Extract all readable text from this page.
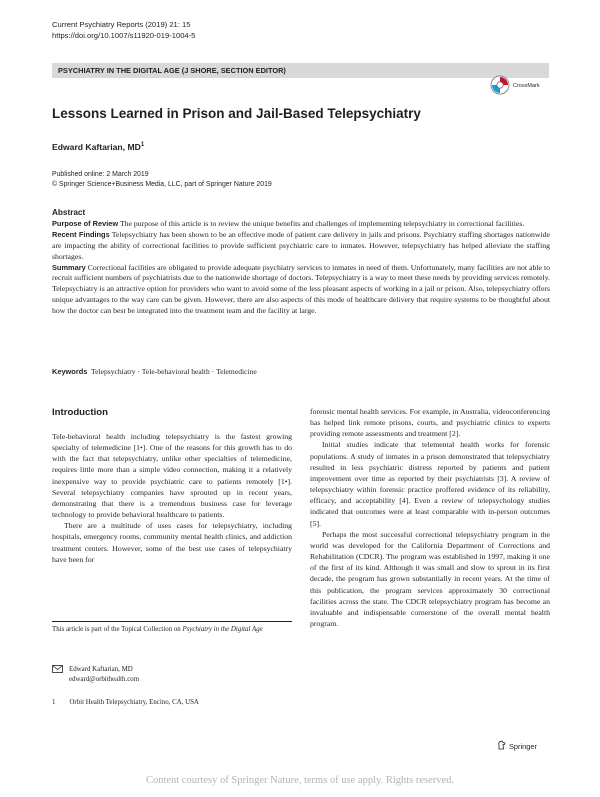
Current Psychiatry Reports (2019) 21: 15
https://doi.org/10.1007/s11920-019-1004-5
PSYCHIATRY IN THE DIGITAL AGE (J SHORE, SECTION EDITOR)
CrossMark
Lessons Learned in Prison and Jail-Based Telepsychiatry
Edward Kaftarian, $MD^1$
Published online: 2 March 2019
© Springer Science+Business Media, LLC, part of Springer Nature 2019
Abstract

Purpose of Review The purpose of this article is to review the unique benefits and challenges of implementing telepsychiatry in correctional facilities.

Recent Findings Telepsychiatry has been shown to be an effective mode of patient care delivery in jails and prisons. Psychiatry staffing shortages nationwide are impacting the ability of correctional facilities to provide sufficient psychiatric care to inmates. However, telepsychiatry has helped alleviate the staffing shortages.

Summary Correctional facilities are obligated to provide adequate psychiatry services to inmates in need of them. Unfortunately, many facilities are not able to recruit sufficient numbers of psychiatrists due to the nationwide shortage of doctors. Telepsychiatry is a way to meet these needs by providing services remotely. Telepsychiatry is an attractive option for providers who want to avoid some of the less pleasant aspects of working in a jail or prison. Also, telepsychiatry offers unique advantages to the way care can be given. However, there are also aspects of this mode of healthcare delivery that require systems to be thoughtful about how the doctor can best be integrated into the treatment team and the facility at large.

Keywords Telepsychiatry · Tele-behavioral health · Telemedicine
Introduction

Tele-behavioral health including telepsychiatry is the fastest growing specialty of telemedicine [1•]. One of the reasons for this growth has to do with the fact that telepsychiatry, unlike other specialties of telemedicine, requires little more than a simple video connection, making it a relatively inexpensive way to provide psychiatric care to patients remotely [1•]. Several telepsychiatry companies have sprouted up in recent years, demonstrating that there is a tremendous business case for leverage technology to provide behavioral healthcare to patients.

There are a multitude of uses cases for telepsychiatry, including hospitals, emergency rooms, community mental health clinics, and addiction treatment centers. However, some of the best use cases of telepsychiatry have been for

forensic mental health services. For example, in Australia, videoconferencing has helped link remote prisons, courts, and psychiatric clinics to experts providing remote assessments and treatment [2].

Initial studies indicate that telemental health works for forensic populations. A study of inmates in a prison demonstrated that telepsychiatry resulted in less psychiatric distress reported by patients and patient improvement over time as reported by their psychiatrists [3]. A review of telepsychiatry within forensic practice proffered evidence of its reliability, efficacy, and acceptability [4]. Even a review of telepsychology studies indicated that outcomes were at least comparable with in-person outcomes [5].

Perhaps the most successful correctional telepsychiatry program in the world was developed for the California Department of Corrections and Rehabilitation (CDCR). The program was established in 1997, making it one of the first of its kind. Although it was small and slow to sprout in its first decade, the program has grown substantially in recent years. At the time of this publication, the program services approximately 30 correctional facilities across the state. The CDCR telepsychiatry program has become an invaluable and indispensable cornerstone of the overall mental health program.

This article is part of the Topical Collection on Psychiatry in the Digital Age
Edward Kaftarian, MD
edward@orbithealth.com
1 Orbit Health Telepsychiatry, Encino, CA, USA
Springer
Content courtesy of Springer Nature, terms of use apply. Rights reserved.
